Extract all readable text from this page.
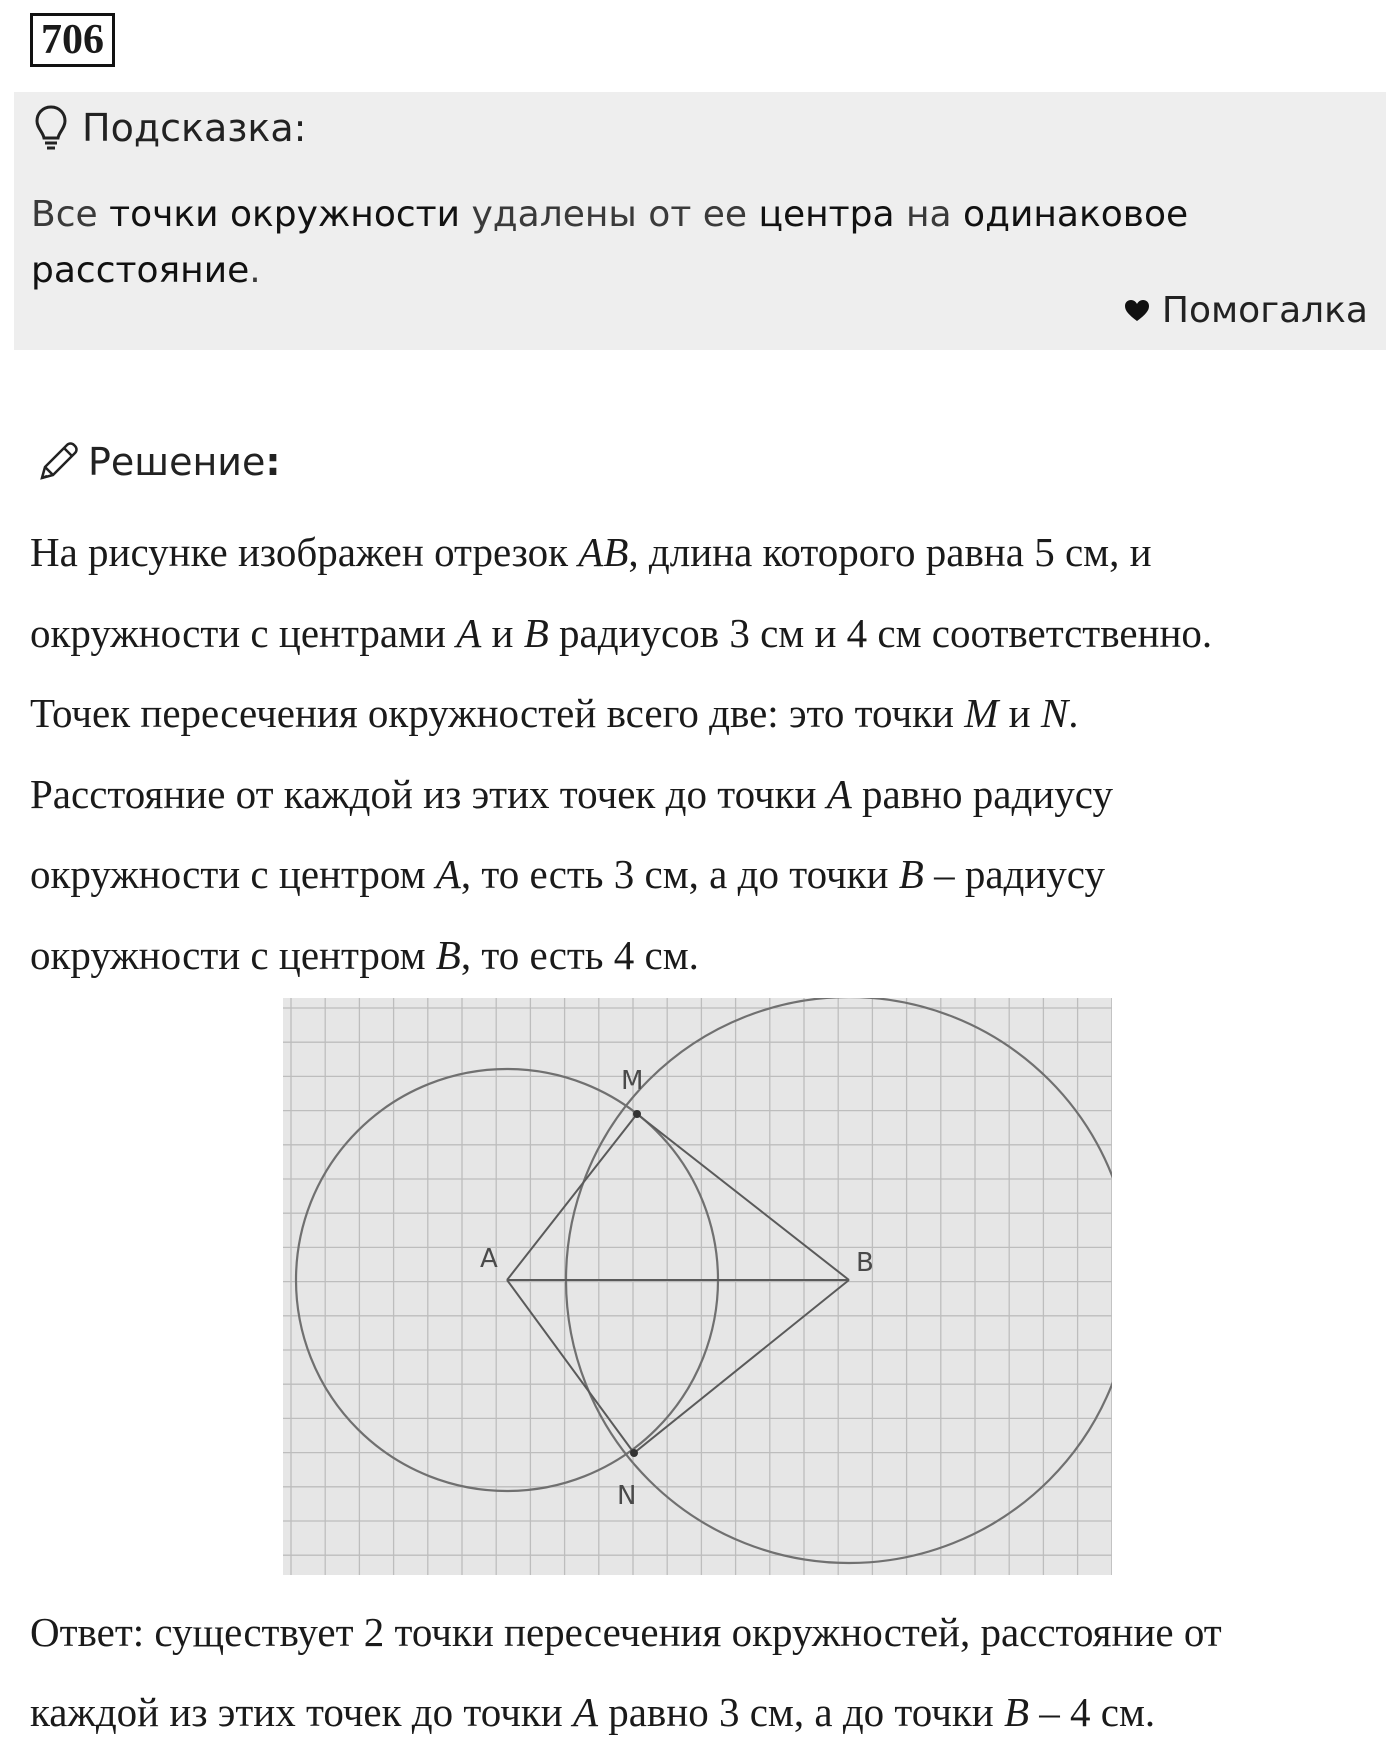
706
Подсказка:
Все точки окружности удалены от ее центра на одинаковое
расстояние.
Помогалка
Решение :

На рисунке изображен отрезок AB, длина которого равна 5 см, и

окружности с центрами A и B радиусов 3 см и 4 см соответственно.

Точек пересечения окружностей всего две: это точки M и N.

Расстояние от каждой из этих точек до точки A равно радиусу

окружности с центром A, то есть 3 см, а до точки B – радиусу

окружности с центром B, то есть 4 см.

M
A	B
N

Ответ: существует 2 точки пересечения окружностей, расстояние от

каждой из этих точек до точки A равно 3 см, а до точки B – 4 см.
